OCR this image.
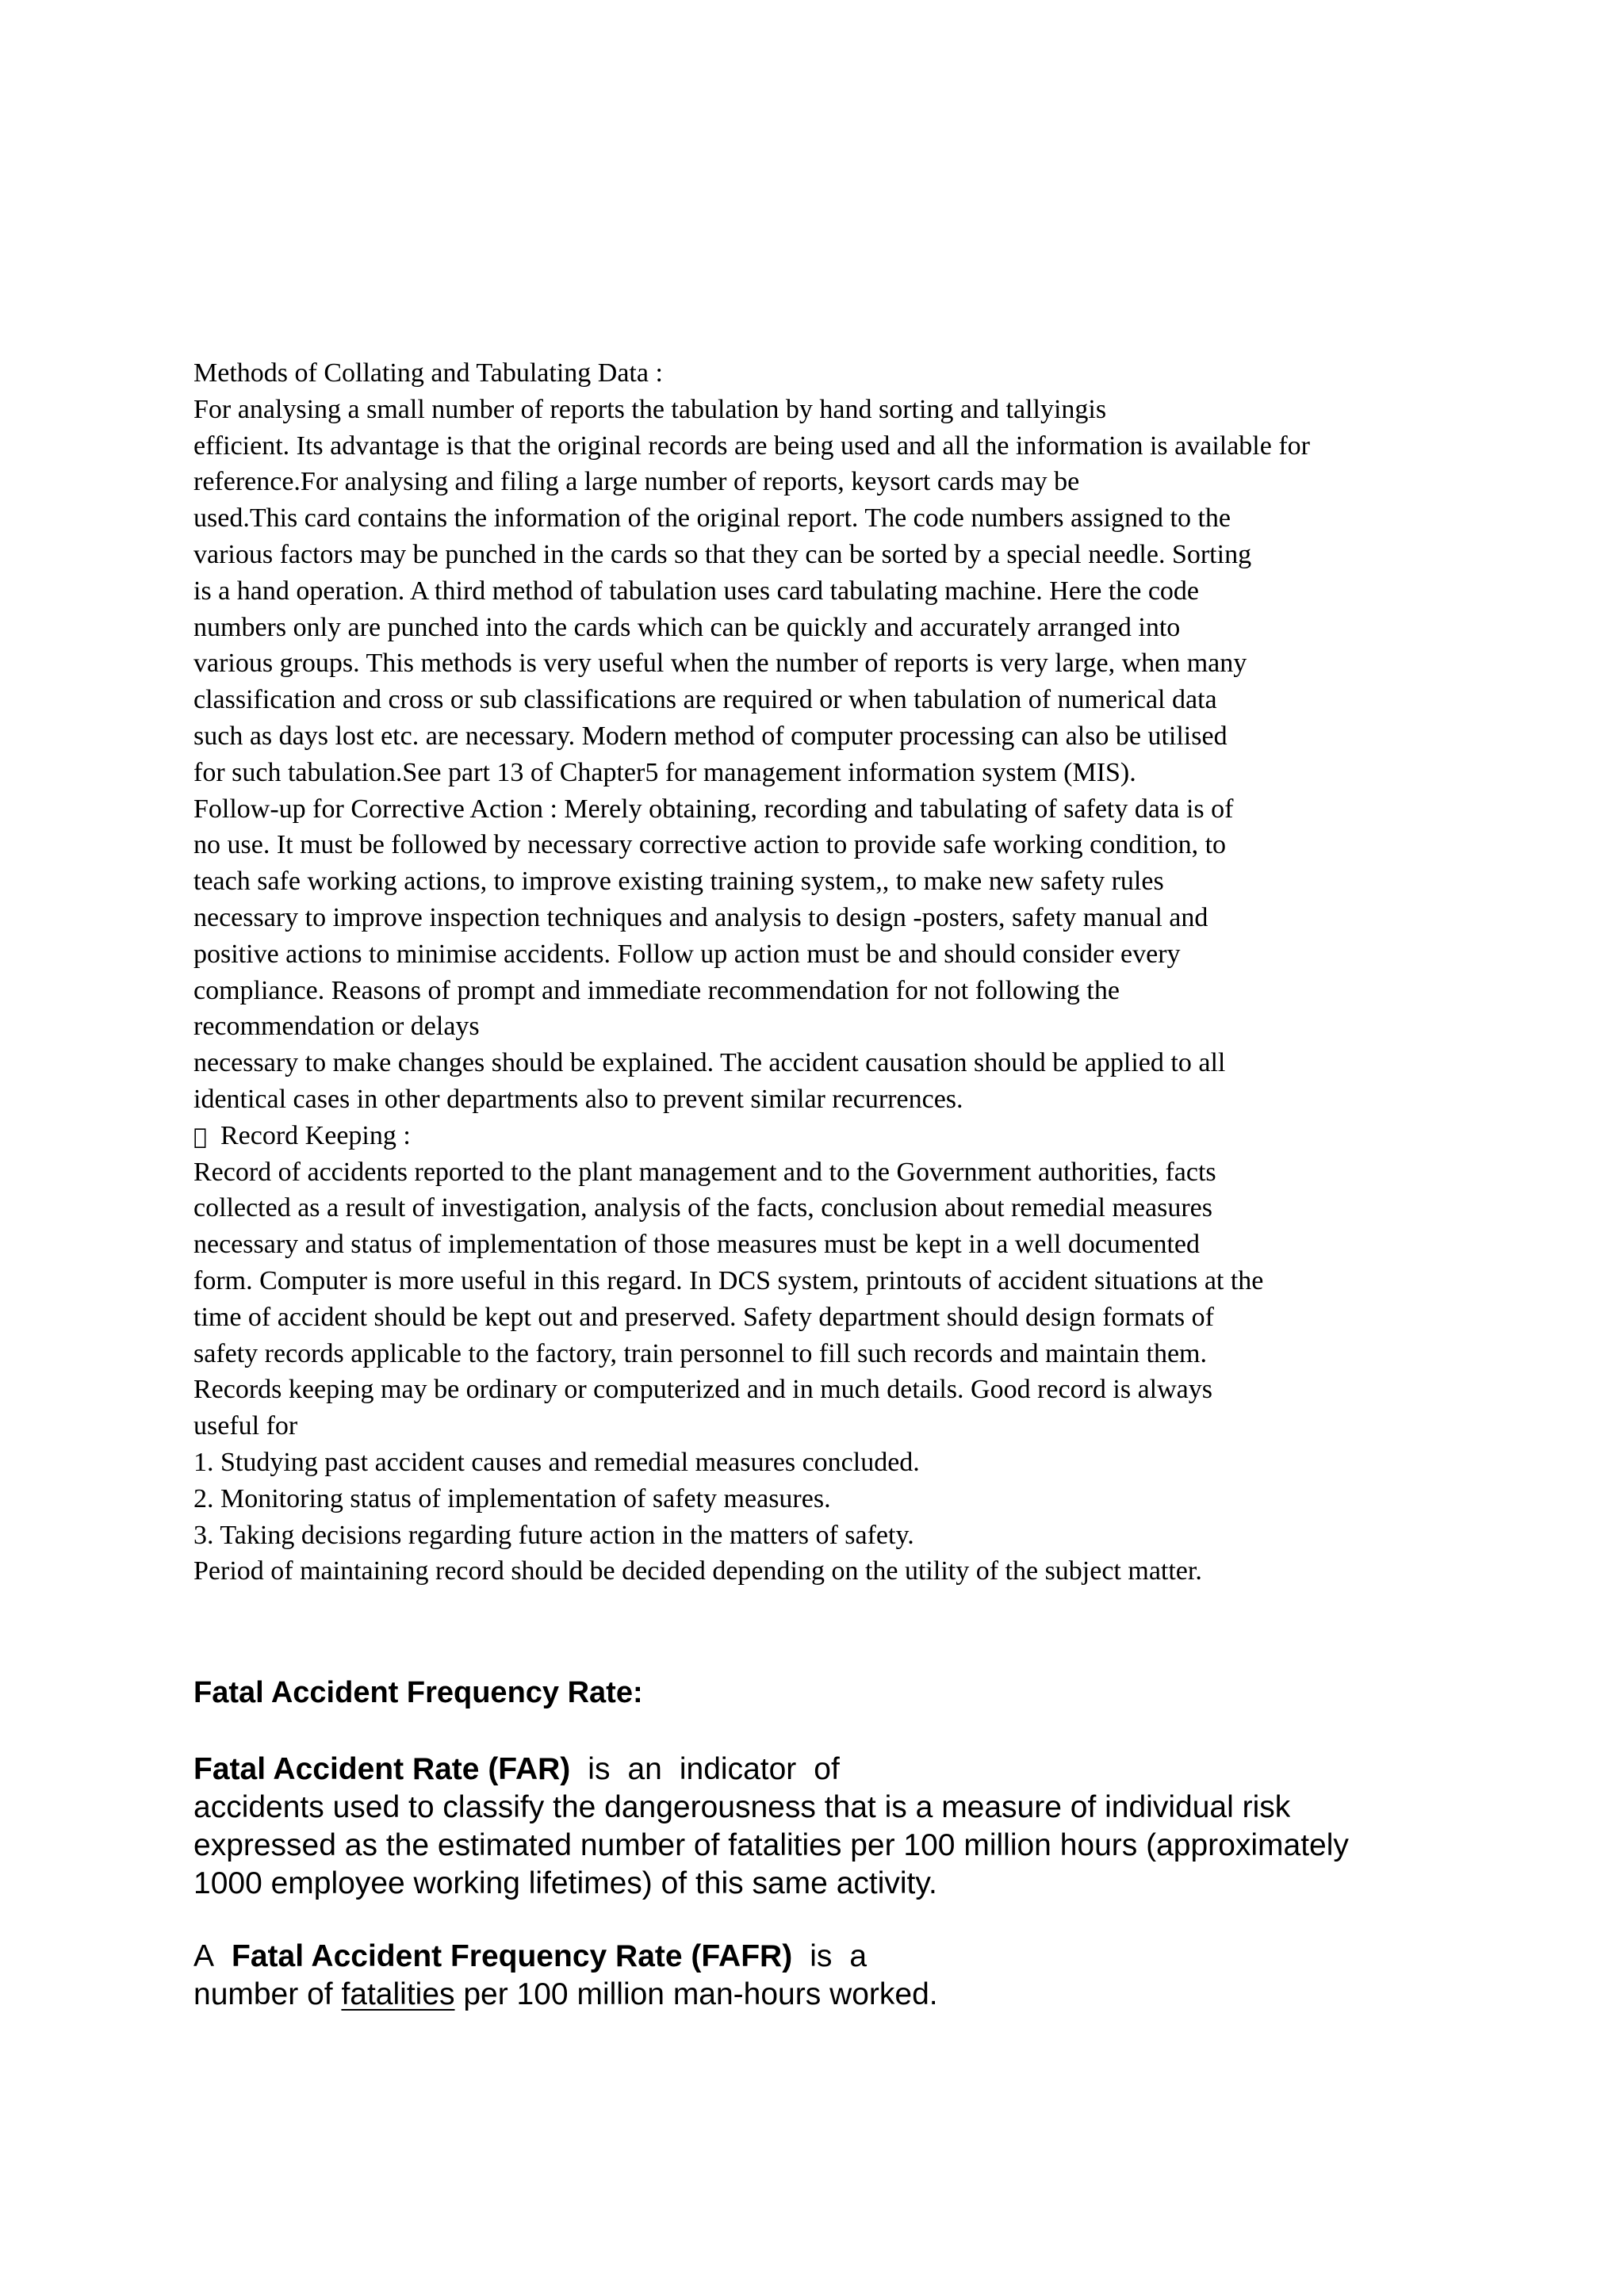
Methods of Collating and Tabulating Data :
For analysing a small number of reports the tabulation by hand sorting and tallyingis
efficient. Its advantage is that the original records are being used and all the information is available for
reference.For analysing and filing a large number of reports, keysort cards may be
used.This card contains the information of the original report. The code numbers assigned to the
various factors may be punched in the cards so that they can be sorted by a special needle. Sorting
is a hand operation. A third method of tabulation uses card tabulating machine. Here the code
numbers only are punched into the cards which can be quickly and accurately arranged into
various groups. This methods is very useful when the number of reports is very large, when many
classification and cross or sub classifications are required or when tabulation of numerical data
such as days lost etc. are necessary. Modern method of computer processing can also be utilised
for such tabulation.See part 13 of Chapter5 for management information system (MIS).
Follow-up for Corrective Action : Merely obtaining, recording and tabulating of safety data is of
no use. It must be followed by necessary corrective action to provide safe working condition, to
teach safe working actions, to improve existing training system,, to make new safety rules
necessary to improve inspection techniques and analysis to design -posters, safety manual and
positive actions to minimise accidents. Follow up action must be and should consider every
compliance. Reasons of prompt and immediate recommendation for not following the
recommendation or delays
necessary to make changes should be explained. The accident causation should be applied to all
identical cases in other departments also to prevent similar recurrences.
Record Keeping :
Record of accidents reported to the plant management and to the Government authorities, facts
collected as a result of investigation, analysis of the facts, conclusion about remedial measures
necessary and status of implementation of those measures must be kept in a well documented
form. Computer is more useful in this regard. In DCS system, printouts of accident situations at the
time of accident should be kept out and preserved. Safety department should design formats of
safety records applicable to the factory, train personnel to fill such records and maintain them.
Records keeping may be ordinary or computerized and in much details. Good record is always
useful for
1. Studying past accident causes and remedial measures concluded.
2. Monitoring status of implementation of safety measures.
3. Taking decisions regarding future action in the matters of safety.
Period of maintaining record should be decided depending on the utility of the subject matter.
Fatal Accident Frequency Rate:
Fatal Accident Rate (FAR) is an indicator of
accidents used to classify the dangerousness that is a measure of individual risk
expressed as the estimated number of fatalities per 100 million hours (approximately
1000 employee working lifetimes) of this same activity.
A Fatal Accident Frequency Rate (FAFR) is a
number of fatalities per 100 million man-hours worked.
